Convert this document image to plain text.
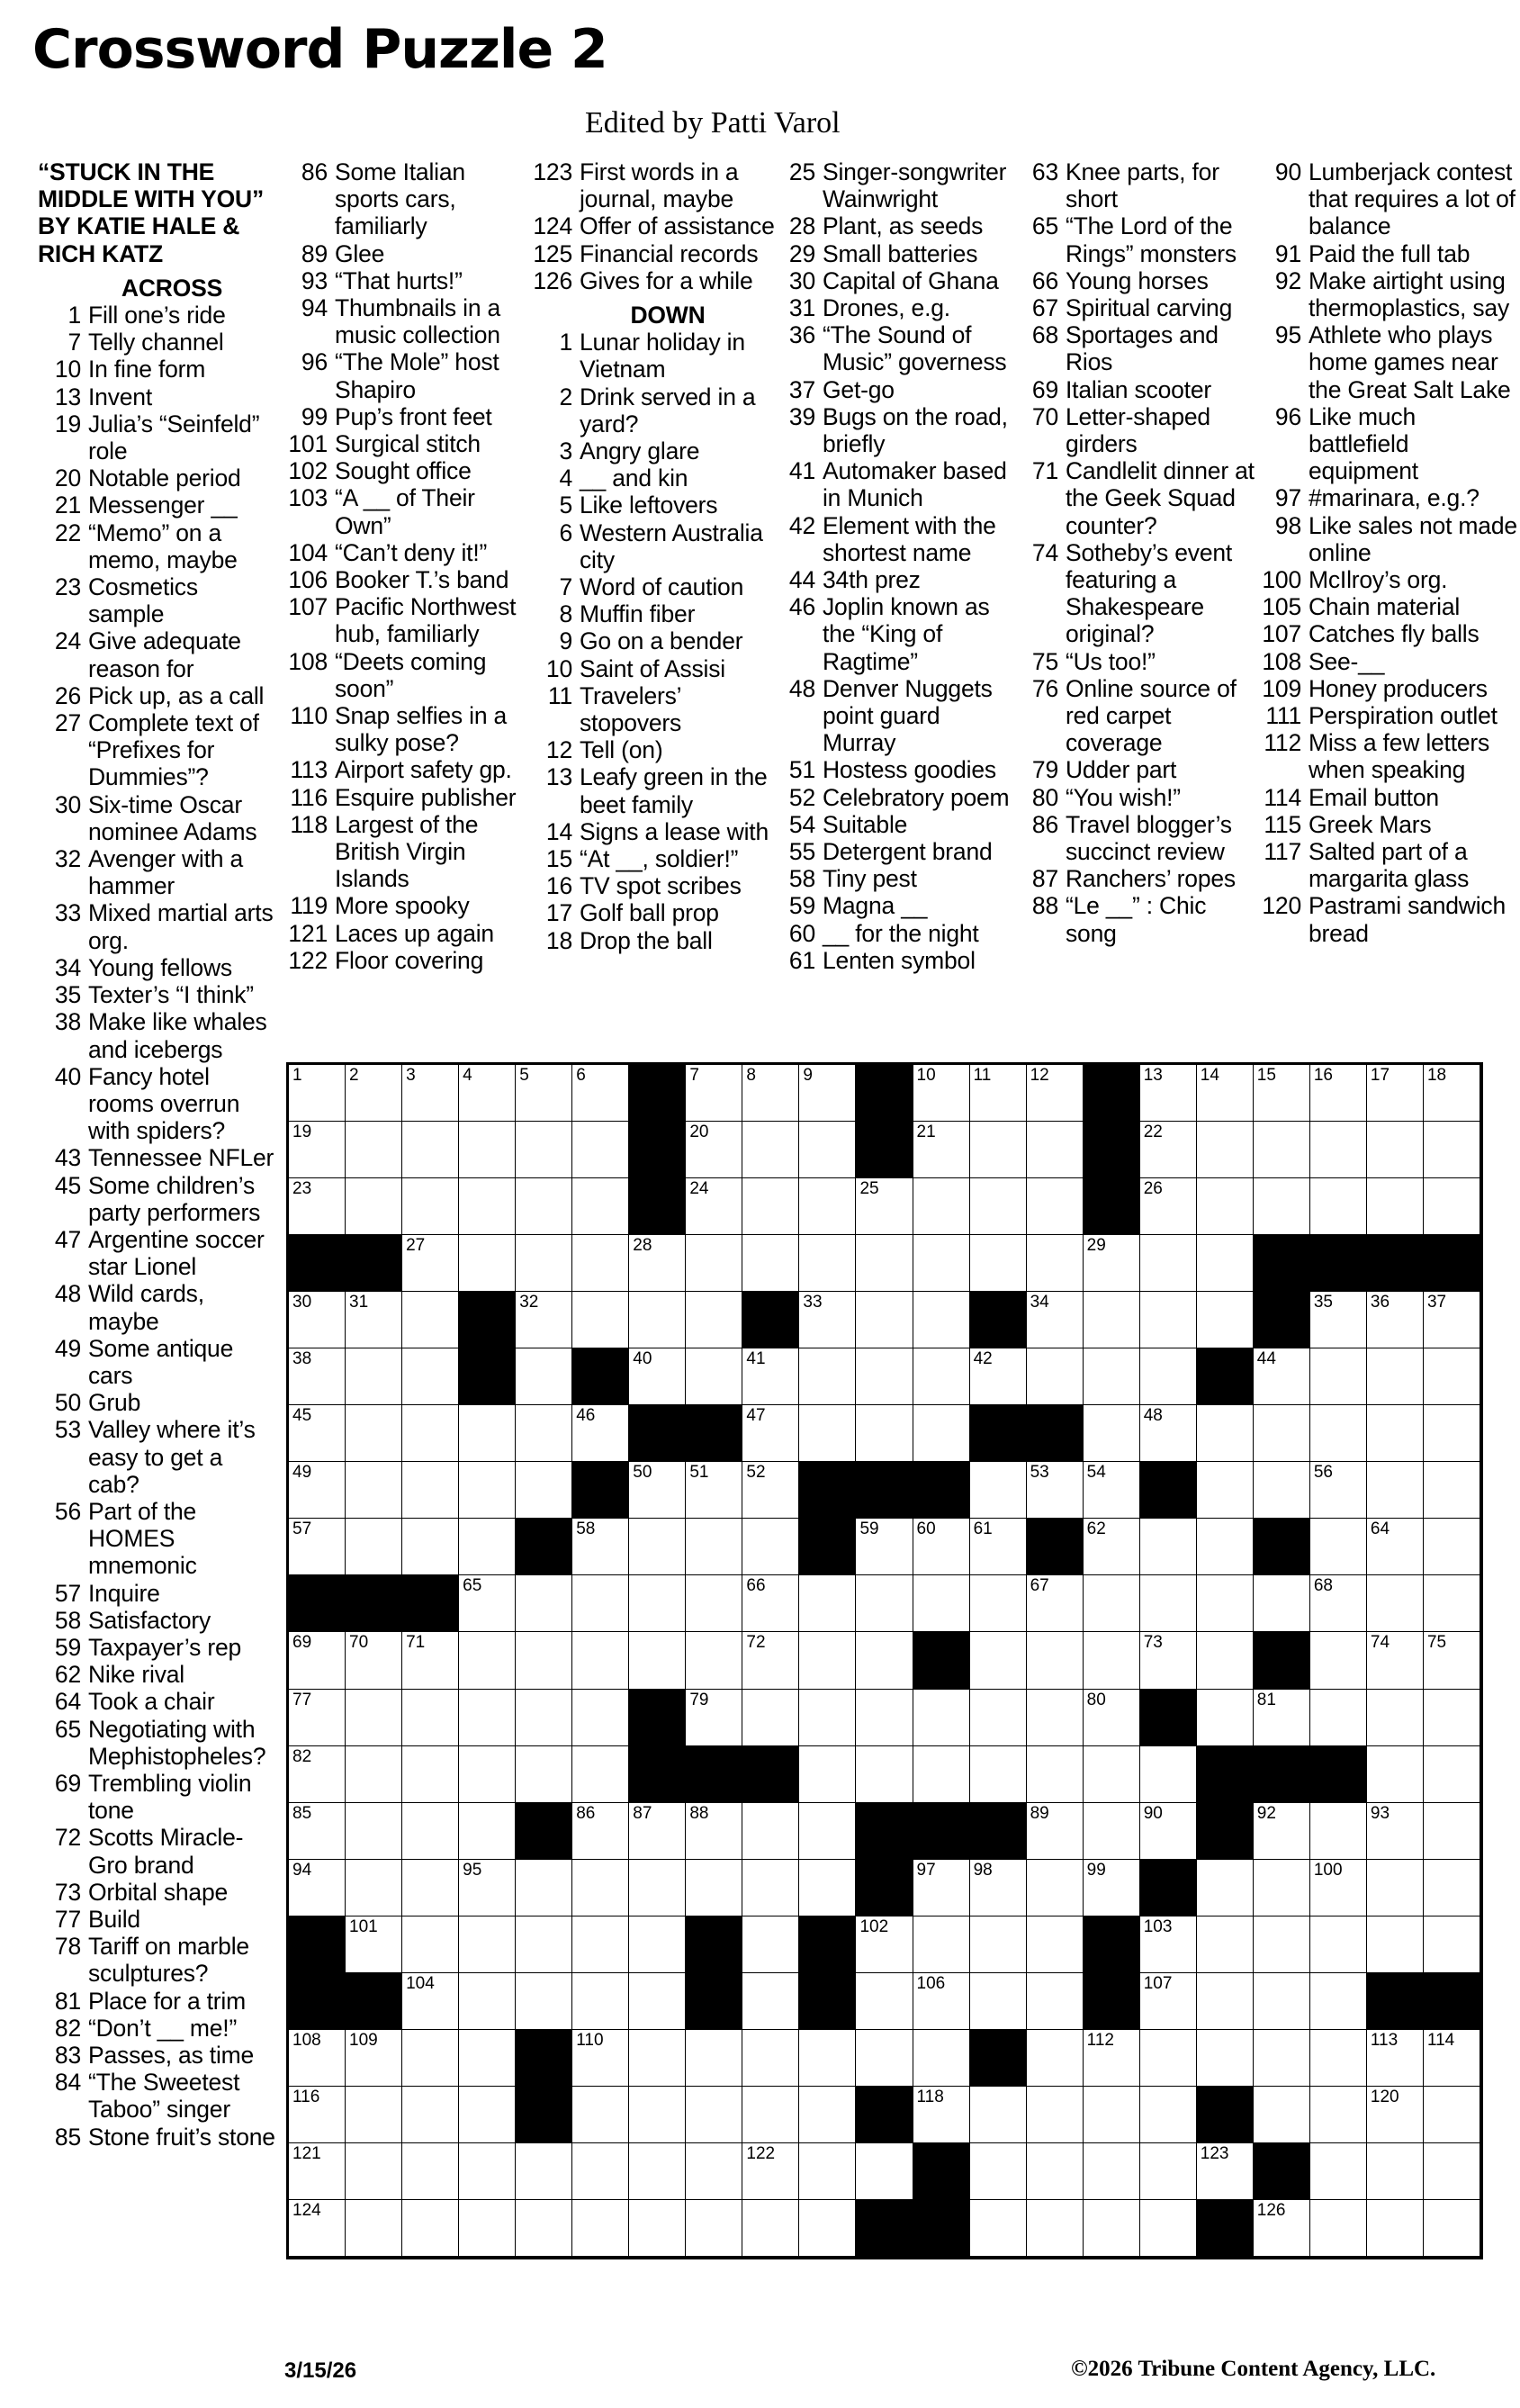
Crossword Puzzle 2
Edited by Patti Varol
“STUCK IN THE MIDDLE WITH YOU” BY KATIE HALE & RICH KATZ
ACROSS
1 Fill one’s ride
7 Telly channel
10 In fine form
13 Invent
19 Julia’s “Seinfeld” role
20 Notable period
21 Messenger __
22 “Memo” on a memo, maybe
23 Cosmetics sample
24 Give adequate reason for
26 Pick up, as a call
27 Complete text of “Prefixes for Dummies”?
30 Six-time Oscar nominee Adams
32 Avenger with a hammer
33 Mixed martial arts org.
34 Young fellows
35 Texter’s “I think”
38 Make like whales and icebergs
40 Fancy hotel rooms overrun with spiders?
43 Tennessee NFLer
45 Some children’s party performers
47 Argentine soccer star Lionel
48 Wild cards, maybe
49 Some antique cars
50 Grub
53 Valley where it’s easy to get a cab?
56 Part of the HOMES mnemonic
57 Inquire
58 Satisfactory
59 Taxpayer’s rep
62 Nike rival
64 Took a chair
65 Negotiating with Mephistopheles?
69 Trembling violin tone
72 Scotts Miracle-Gro brand
73 Orbital shape
77 Build
78 Tariff on marble sculptures?
81 Place for a trim
82 “Don’t __ me!”
83 Passes, as time
84 “The Sweetest Taboo” singer
85 Stone fruit’s stone
86 Some Italian sports cars, familiarly
89 Glee
93 “That hurts!”
94 Thumbnails in a music collection
96 “The Mole” host Shapiro
99 Pup’s front feet
101 Surgical stitch
102 Sought office
103 “A __ of Their Own”
104 “Can’t deny it!”
106 Booker T.’s band
107 Pacific Northwest hub, familiarly
108 “Deets coming soon”
110 Snap selfies in a sulky pose?
113 Airport safety gp.
116 Esquire publisher
118 Largest of the British Virgin Islands
119 More spooky
121 Laces up again
122 Floor covering
123 First words in a journal, maybe
124 Offer of assistance
125 Financial records
126 Gives for a while
DOWN
1 Lunar holiday in Vietnam
2 Drink served in a yard?
3 Angry glare
4 __ and kin
5 Like leftovers
6 Western Australia city
7 Word of caution
8 Muffin fiber
9 Go on a bender
10 Saint of Assisi
11 Travelers’ stopovers
12 Tell (on)
13 Leafy green in the beet family
14 Signs a lease with
15 “At __, soldier!”
16 TV spot scribes
17 Golf ball prop
18 Drop the ball
25 Singer-songwriter Wainwright
28 Plant, as seeds
29 Small batteries
30 Capital of Ghana
31 Drones, e.g.
36 “The Sound of Music” governess
37 Get-go
39 Bugs on the road, briefly
41 Automaker based in Munich
42 Element with the shortest name
44 34th prez
46 Joplin known as the “King of Ragtime”
48 Denver Nuggets point guard Murray
51 Hostess goodies
52 Celebratory poem
54 Suitable
55 Detergent brand
58 Tiny pest
59 Magna __
60 __ for the night
61 Lenten symbol
63 Knee parts, for short
65 “The Lord of the Rings” monsters
66 Young horses
67 Spiritual carving
68 Sportages and Rios
69 Italian scooter
70 Letter-shaped girders
71 Candlelit dinner at the Geek Squad counter?
74 Sotheby’s event featuring a Shakespeare original?
75 “Us too!”
76 Online source of red carpet coverage
79 Udder part
80 “You wish!”
86 Travel blogger’s succinct review
87 Ranchers’ ropes
88 “Le __” : Chic song
90 Lumberjack contest that requires a lot of balance
91 Paid the full tab
92 Make airtight using thermoplastics, say
95 Athlete who plays home games near the Great Salt Lake
96 Like much battlefield equipment
97 #marinara, e.g.?
98 Like sales not made online
100 McIlroy’s org.
105 Chain material
107 Catches fly balls
108 See-__
109 Honey producers
111 Perspiration outlet
112 Miss a few letters when speaking
114 Email button
115 Greek Mars
117 Salted part of a margarita glass
120 Pastrami sandwich bread
1	2	3	4	5	6	7	8	9	10 11 12	13 14 15 16 17 18
19	20	21	22
23	24	25	26
27	28	29
30 31	32	33	34	35 36 37
38	40	41	42	44
45	46	47	48
49	50 51 52	53 54	56
57	58	59 60 61	62	64
65	66	67	68
69 70 71	72	73	74 75
77	79	80	81
82
85	86 87 88	89	90	92	93
94	95	97 98	99	100
101	102	103
104	106	107
108 109	110	112	113 114
116	118	120
121	122	123
124	126
3/15/26	©2026 Tribune Content Agency, LLC.
